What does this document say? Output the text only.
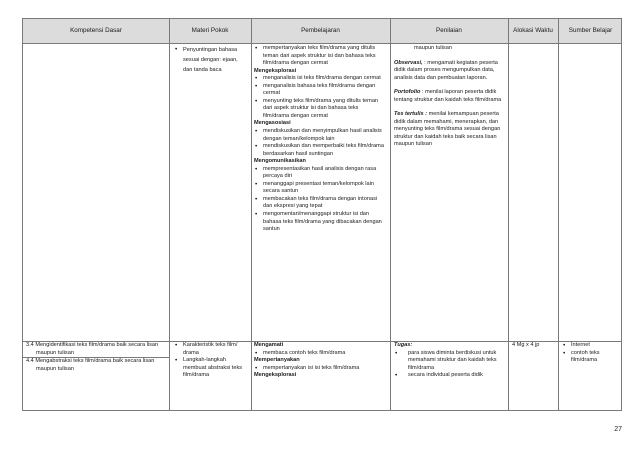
Kompetensi Dasar	Materi Pokok	Pembelajaran	Penilaian	Alokasi Waktu	Sumber Belajar
• Penyuntingan bahasa sesuai dengan: ejaan, dan tanda baca
• mempertanyakan teks film/drama yang ditulis teman dari aspek struktur isi dan bahasa teks film/drama dengan cermat
Mengeksplorasi
• menganalisis isi teks film/drama dengan cermat
• menganalisis bahasa teks film/drama dengan cermat
• menyunting teks film/drama yang ditulis teman dari aspek struktur isi dan bahasa teks film/drama dengan cermat
Mengasosiasi
• mendiskusikan dan menyimpulkan hasil analisis dengan teman/kelompok lain
• mendiskusikan dan memperbaiki teks film/drama berdasarkan hasil suntingan
Mengomunikasikan
• mempresentasikan hasil analisis dengan rasa percaya diri
• menanggapi presentasi teman/kelompok lain secara santun
• membacakan teks film/drama dengan intonasi dan ekspresi yang tepat
• mengomentari/menanggapi struktur isi dan bahasa teks film/drama yang dibacakan dengan santun
maupun tulisan
Observasi, : mengamati kegiatan peserta didik dalam proses mengumpulkan data, analisis data dan pembuatan laporan.
Portofolio : menilai laporan peserta didik tentang struktur dan kaidah teks film/drama
Tes tertulis : menilai kemampuan peserta didik dalam memahami, menerapkan, dan menyunting teks film/drama sesuai dengan struktur dan kaidah teks baik secara lisan maupun tulisan
3.4 Mengidentifikasi teks film/drama baik secara lisan maupun tulisan
4.4 Mengabstraksi teks film/drama baik secara lisan maupun tulisan
• Karakteristik teks film/ drama
• Langkah-langkah membuat abstraksi teks film/drama
Mengamati
• membaca contoh teks film/drama
Mempertanyakan
• mempertanyakan isi isi teks film/drama
Mengeksplorasi
Tugas:
• para siswa diminta berdiskusi untuk memahami struktur dan kaidah teks film/drama
• secara individual peserta didik
4 Mg x 4 jp
•	Internet
• contoh teks film/drama
27
